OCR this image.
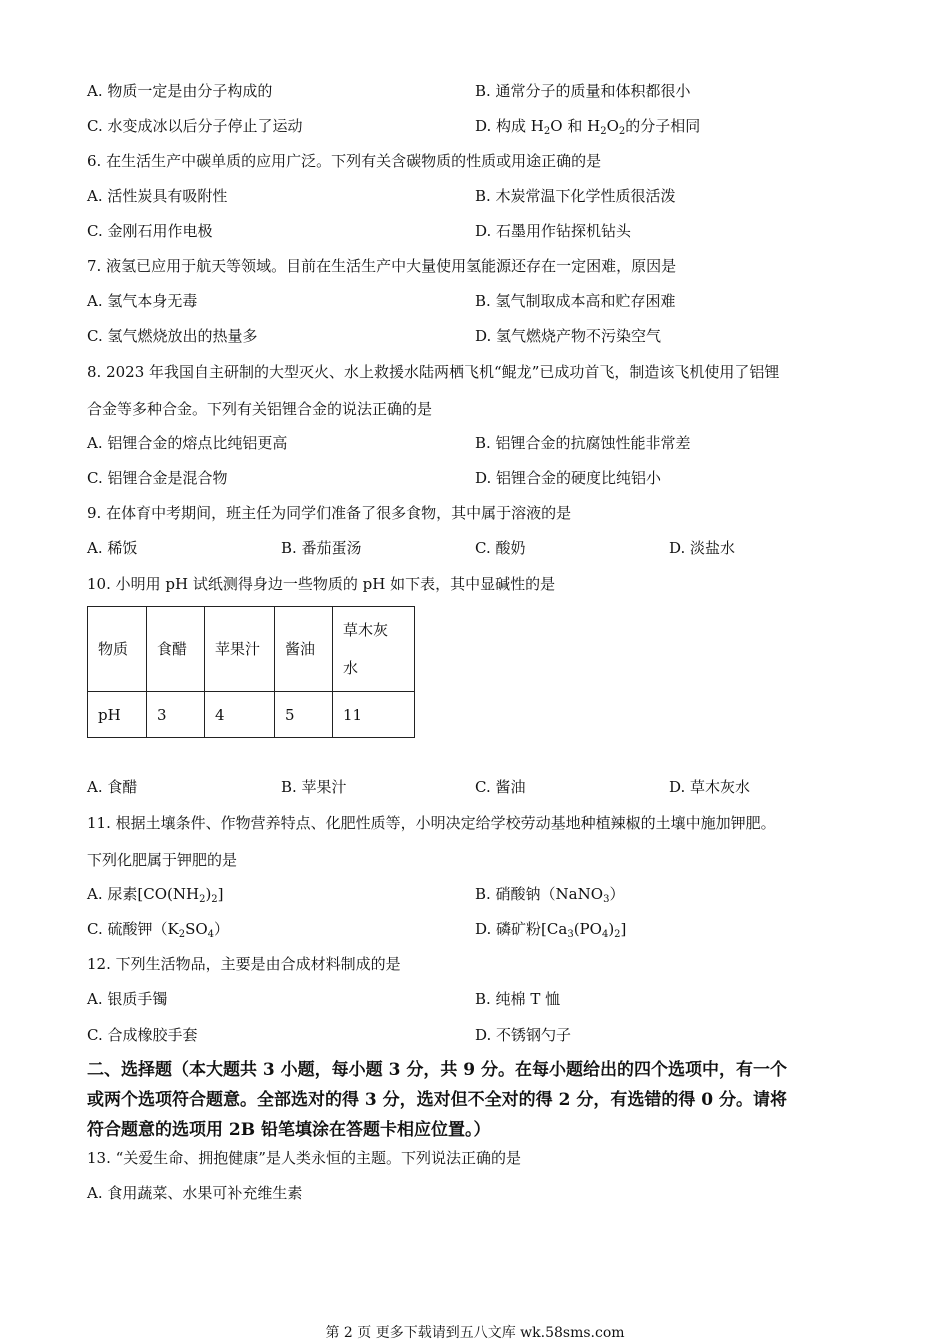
A. 物质一定是由分子构成的	B. 通常分子的质量和体积都很小
C. 水变成冰以后分子停止了运动	D. 构成 $H_2O$ 和 $H_2O_2$的分子相同
6. 在生活生产中碳单质的应用广泛。下列有关含碳物质的性质或用途正确的是
A. 活性炭具有吸附性	B. 木炭常温下化学性质很活泼
C. 金刚石用作电极	D. 石墨用作钻探机钻头
7. 液氢已应用于航天等领域。目前在生活生产中大量使用氢能源还存在一定困难，原因是
A. 氢气本身无毒	B. 氢气制取成本高和贮存困难
C. 氢气燃烧放出的热量多	D. 氢气燃烧产物不污染空气
8. 2023 年我国自主研制的大型灭火、水上救援水陆两栖飞机“鲲龙”已成功首飞，制造该飞机使用了铝锂
合金等多种合金。下列有关铝锂合金的说法正确的是
A. 铝锂合金的熔点比纯铝更高	B. 铝锂合金的抗腐蚀性能非常差
C. 铝锂合金是混合物	D. 铝锂合金的硬度比纯铝小
9. 在体育中考期间，班主任为同学们准备了很多食物，其中属于溶液的是
A. 稀饭	B. 番茄蛋汤	C. 酸奶	D. 淡盐水
10. 小明用 pH 试纸测得身边一些物质的 pH 如下表，其中显碱性的是
物质	食醋	苹果汁	酱油	草木灰
水

pH	3	4	5	11
A. 食醋	B. 苹果汁	C. 酱油	D. 草木灰水
11. 根据土壤条件、作物营养特点、化肥性质等，小明决定给学校劳动基地种植辣椒的土壤中施加钾肥。
下列化肥属于钾肥的是
A. 尿素$[CO(NH_2)_2]$	B. 硝酸钠（NaNO$_3$）
C. 硫酸钾$(K_2SO_4)$	D. 磷矿粉$[Ca_3(PO_4)_2]$
12. 下列生活物品，主要是由合成材料制成的是
A. 银质手镯	B. 纯棉 T 恤
C. 合成橡胶手套	D. 不锈钢勺子
二、选择题（本大题共 3 小题，每小题 3 分，共 9 分。在每小题给出的四个选项中，有一个
或两个选项符合题意。全部选对的得 3 分，选对但不全对的得 2 分，有选错的得 0 分。请将
符合题意的选项用 2B 铅笔填涂在答题卡相应位置。）
13. “关爱生命、拥抱健康”是人类永恒的主题。下列说法正确的是
A. 食用蔬菜、水果可补充维生素
第 2 页 更多下载请到五八文库 wk.58sms.com
